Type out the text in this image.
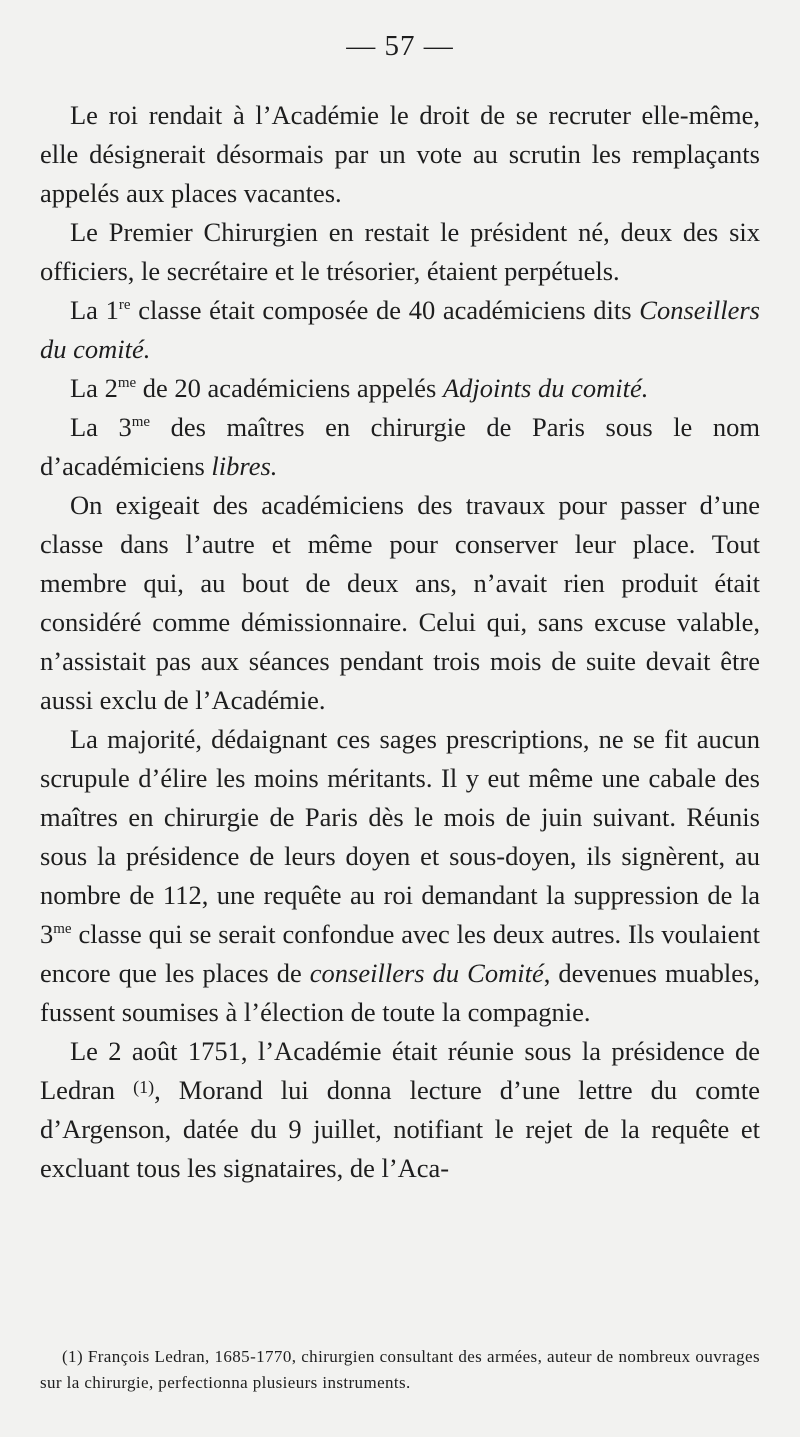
— 57 —

Le roi rendait à l’Académie le droit de se recruter elle-même, elle désignerait désormais par un vote au scrutin les remplaçants appelés aux places vacantes.

Le Premier Chirurgien en restait le président né, deux des six officiers, le secrétaire et le trésorier, étaient perpétuels.

La 1re classe était composée de 40 académiciens dits Conseillers du comité.

La $2^{me}$ de 20 académiciens appelés Adjoints du comité.

La $3^{me}$ des maîtres en chirurgie de Paris sous le nom d’académiciens libres.

On exigeait des académiciens des travaux pour passer d’une classe dans l’autre et même pour conserver leur place. Tout membre qui, au bout de deux ans, n’avait rien produit était considéré comme démissionnaire. Celui qui, sans excuse valable, n’assistait pas aux séances pendant trois mois de suite devait être aussi exclu de l’Académie.

La majorité, dédaignant ces sages prescriptions, ne se fit aucun scrupule d’élire les moins méritants. Il y eut même une cabale des maîtres en chirurgie de Paris dès le mois de juin suivant. Réunis sous la présidence de leurs doyen et sous-doyen, ils signèrent, au nombre de 112, une requête au roi demandant la suppression de la $3^{me}$ classe qui se serait confondue avec les deux autres. Ils voulaient encore que les places de conseillers du Comité, devenues muables, fussent soumises à l’élection de toute la compagnie.

Le 2 août 1751, l’Académie était réunie sous la présidence de Ledran $^{(1)}$, Morand lui donna lecture d’une lettre du comte d’Argenson, datée du 9 juillet, notifiant le rejet de la requête et excluant tous les signataires, de l’Aca-

(1) François Ledran, 1685-1770, chirurgien consultant des armées, auteur de nombreux ouvrages sur la chirurgie, perfectionna plusieurs instruments.
